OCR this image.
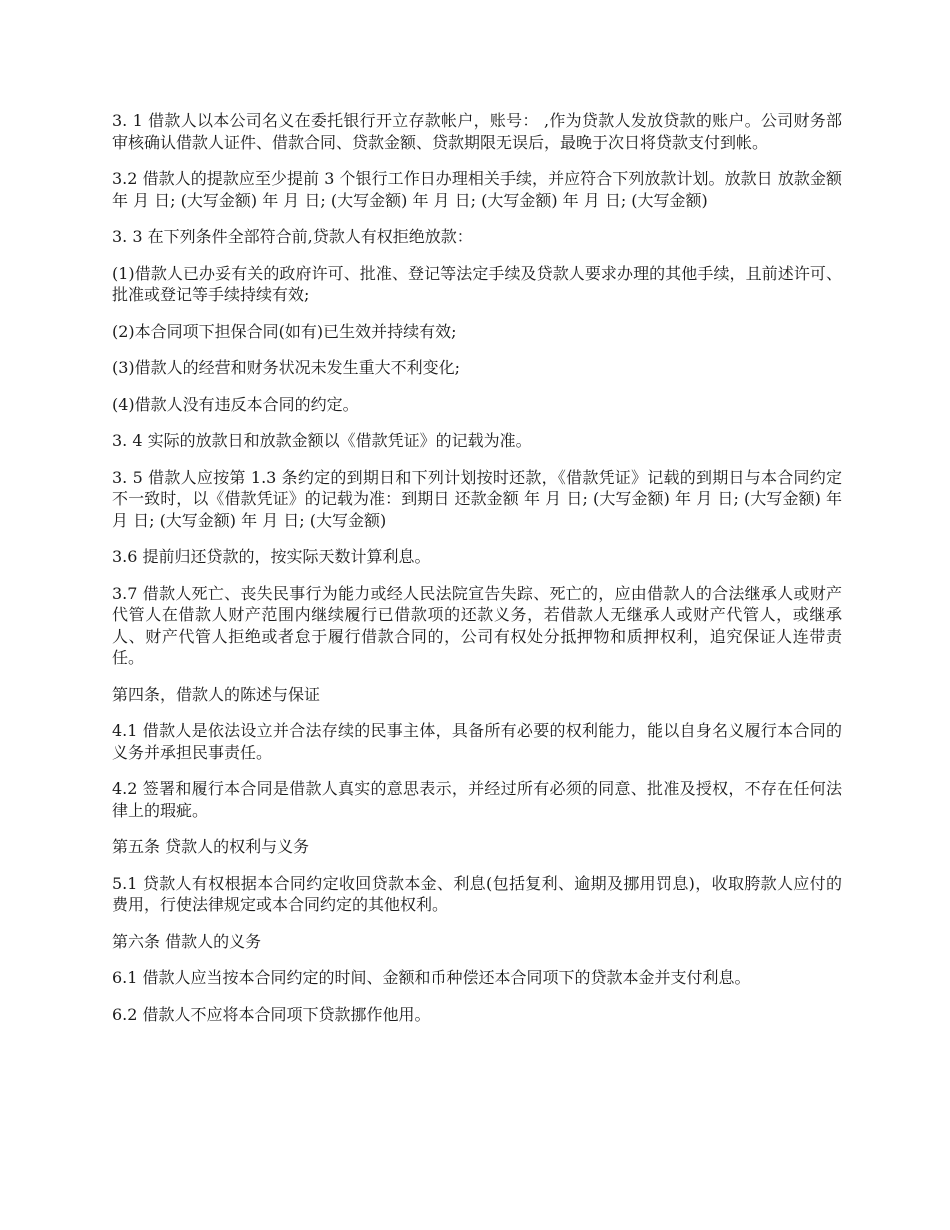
3. 1 借款人以本公司名义在委托银行开立存款帐户，账号： ,作为贷款人发放贷款的账户。公司财务部审核确认借款人证件、借款合同、贷款金额、贷款期限无误后，最晚于次日将贷款支付到帐。

3.2 借款人的提款应至少提前 3 个银行工作日办理相关手续，并应符合下列放款计划。放款日 放款金额 年 月 日; (大写金额) 年 月 日; (大写金额) 年 月 日; (大写金额) 年 月 日; (大写金额)

3. 3 在下列条件全部符合前,贷款人有权拒绝放款：

(1)借款人已办妥有关的政府许可、批准、登记等法定手续及贷款人要求办理的其他手续，且前述许可、批准或登记等手续持续有效;

(2)本合同项下担保合同(如有)已生效并持续有效;

(3)借款人的经营和财务状况未发生重大不利变化;

(4)借款人没有违反本合同的约定。

3. 4 实际的放款日和放款金额以《借款凭证》的记载为准。

3. 5 借款人应按第 1.3 条约定的到期日和下列计划按时还款，《借款凭证》记载的到期日与本合同约定不一致时，以《借款凭证》的记载为准：到期日 还款金额 年 月 日; (大写金额) 年 月 日; (大写金额) 年 月 日; (大写金额) 年 月 日; (大写金额)

3.6 提前归还贷款的，按实际天数计算利息。

3.7 借款人死亡、丧失民事行为能力或经人民法院宣告失踪、死亡的，应由借款人的合法继承人或财产代管人在借款人财产范围内继续履行已借款项的还款义务，若借款人无继承人或财产代管人，或继承人、财产代管人拒绝或者怠于履行借款合同的，公司有权处分抵押物和质押权利，追究保证人连带责任。

第四条，借款人的陈述与保证

4.1 借款人是依法设立并合法存续的民事主体，具备所有必要的权利能力，能以自身名义履行本合同的义务并承担民事责任。

4.2 签署和履行本合同是借款人真实的意思表示，并经过所有必须的同意、批准及授权，不存在任何法律上的瑕疵。

第五条 贷款人的权利与义务

5.1 贷款人有权根据本合同约定收回贷款本金、利息(包括复利、逾期及挪用罚息)，收取胯款人应付的费用，行使法律规定或本合同约定的其他权利。

第六条 借款人的义务

6.1 借款人应当按本合同约定的时间、金额和币种偿还本合同项下的贷款本金并支付利息。

6.2 借款人不应将本合同项下贷款挪作他用。
